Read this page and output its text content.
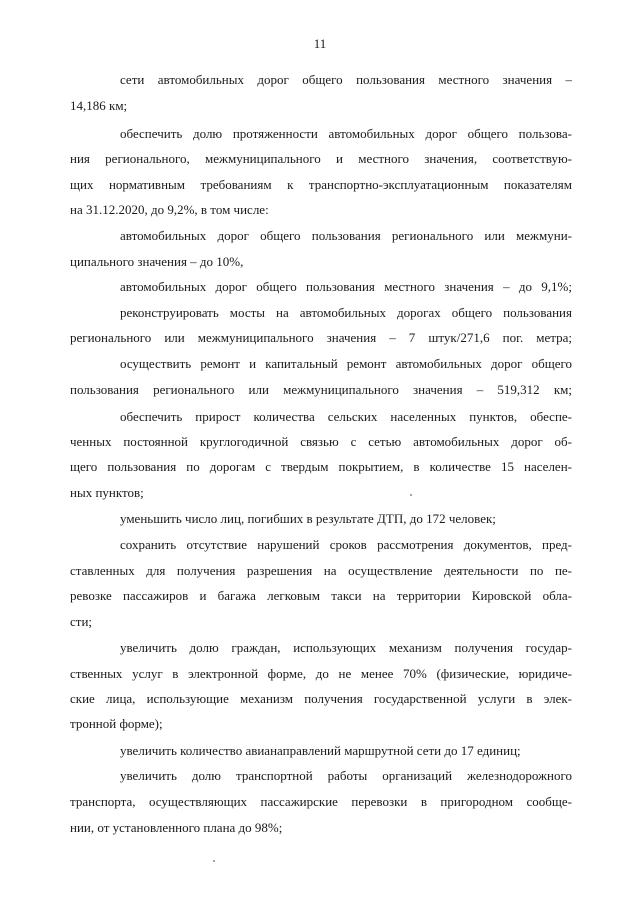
11
сети автомобильных дорог общего пользования местного значения –
14,186 км;
обеспечить долю протяженности автомобильных дорог общего пользова-
ния регионального, межмуниципального и местного значения, соответствую-
щих нормативным требованиям к транспортно-эксплуатационным показателям
на 31.12.2020, до 9,2%, в том числе:
автомобильных дорог общего пользования регионального или межмуни-
ципального значения – до 10%,
автомобильных дорог общего пользования местного значения – до 9,1%;
реконструировать мосты на автомобильных дорогах общего пользования
регионального или межмуниципального значения – 7 штук/271,6 пог. метра;
осуществить ремонт и капитальный ремонт автомобильных дорог общего
пользования регионального или межмуниципального значения – 519,312 км;
обеспечить прирост количества сельских населенных пунктов, обеспе-
ченных постоянной круглогодичной связью с сетью автомобильных дорог об-
щего пользования по дорогам с твердым покрытием, в количестве 15 населен-
ных пунктов;
уменьшить число лиц, погибших в результате ДТП, до 172 человек;
сохранить отсутствие нарушений сроков рассмотрения документов, пред-
ставленных для получения разрешения на осуществление деятельности по пе-
ревозке пассажиров и багажа легковым такси на территории Кировской обла-
сти;
увеличить долю граждан, использующих механизм получения государ-
ственных услуг в электронной форме, до не менее 70% (физические, юридиче-
ские лица, использующие механизм получения государственной услуги в элек-
тронной форме);
увеличить количество авианаправлений маршрутной сети до 17 единиц;
увеличить долю транспортной работы организаций железнодорожного
транспорта, осуществляющих пассажирские перевозки в пригородном сообще-
нии, от установленного плана до 98%;
